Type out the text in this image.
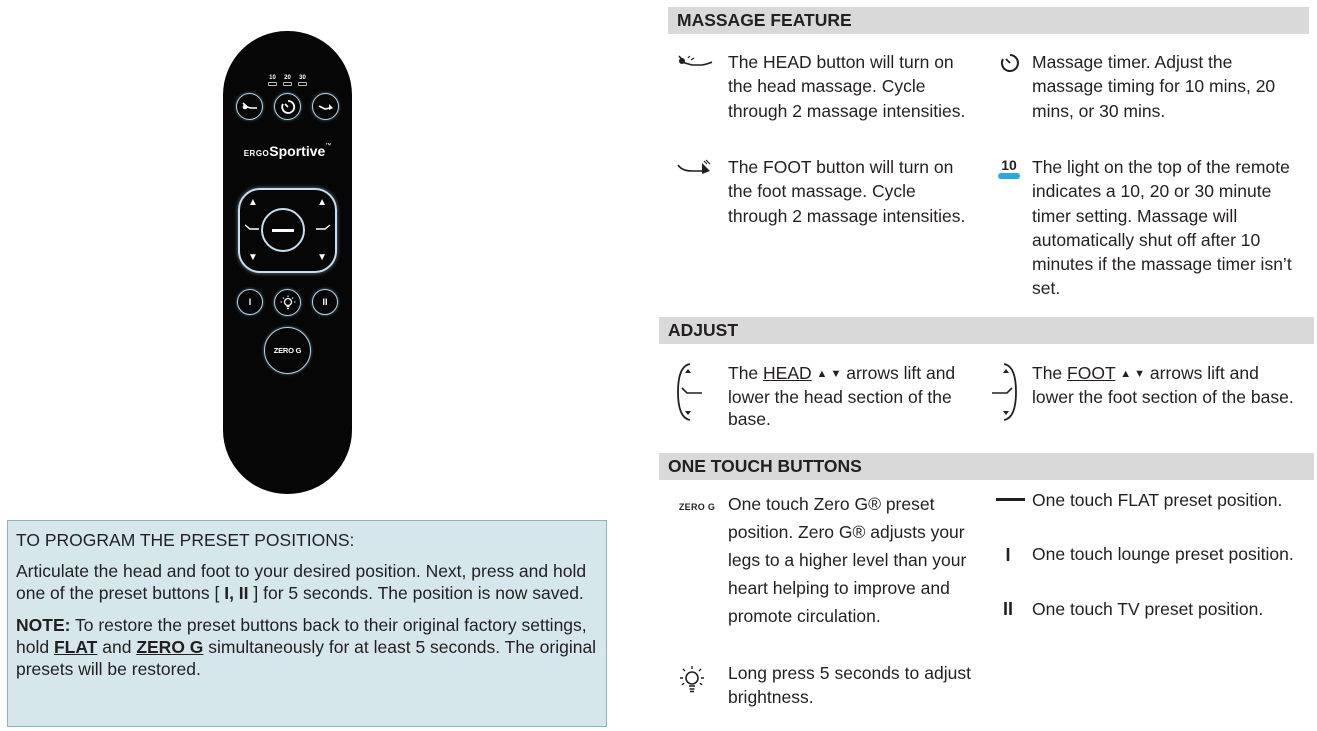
10 20 30
ERGOSportive™
▲	▲
▼	▼
I	II
ZERO G
TO PROGRAM THE PRESET POSITIONS:

Articulate the head and foot to your desired position. Next, press and hold one of the preset buttons [ I, II ] for 5 seconds. The position is now saved.

NOTE: To restore the preset buttons back to their original factory settings, hold FLAT and ZERO G simultaneously for at least 5 seconds. The original presets will be restored.

MASSAGE FEATURE
The HEAD button will turn on the head massage. Cycle through 2 massage intensities.
Massage timer. Adjust the massage timing for 10 mins, 20 mins, or 30 mins.
The FOOT button will turn on the foot massage. Cycle through 2 massage intensities.
10 The light on the top of the remote indicates a 10, 20 or 30 minute timer setting. Massage will automatically shut off after 10 minutes if the massage timer isn’t set.
ADJUST
The HEAD ▲ ▼ arrows lift and lower the head section of the base.
The FOOT ▲ ▼ arrows lift and lower the foot section of the base.
ONE TOUCH BUTTONS
ZERO G One touch Zero G® preset position. Zero G® adjusts your legs to a higher level than your heart helping to improve and promote circulation.
Long press 5 seconds to adjust brightness.
One touch FLAT preset position.
I One touch lounge preset position.
II One touch TV preset position.
